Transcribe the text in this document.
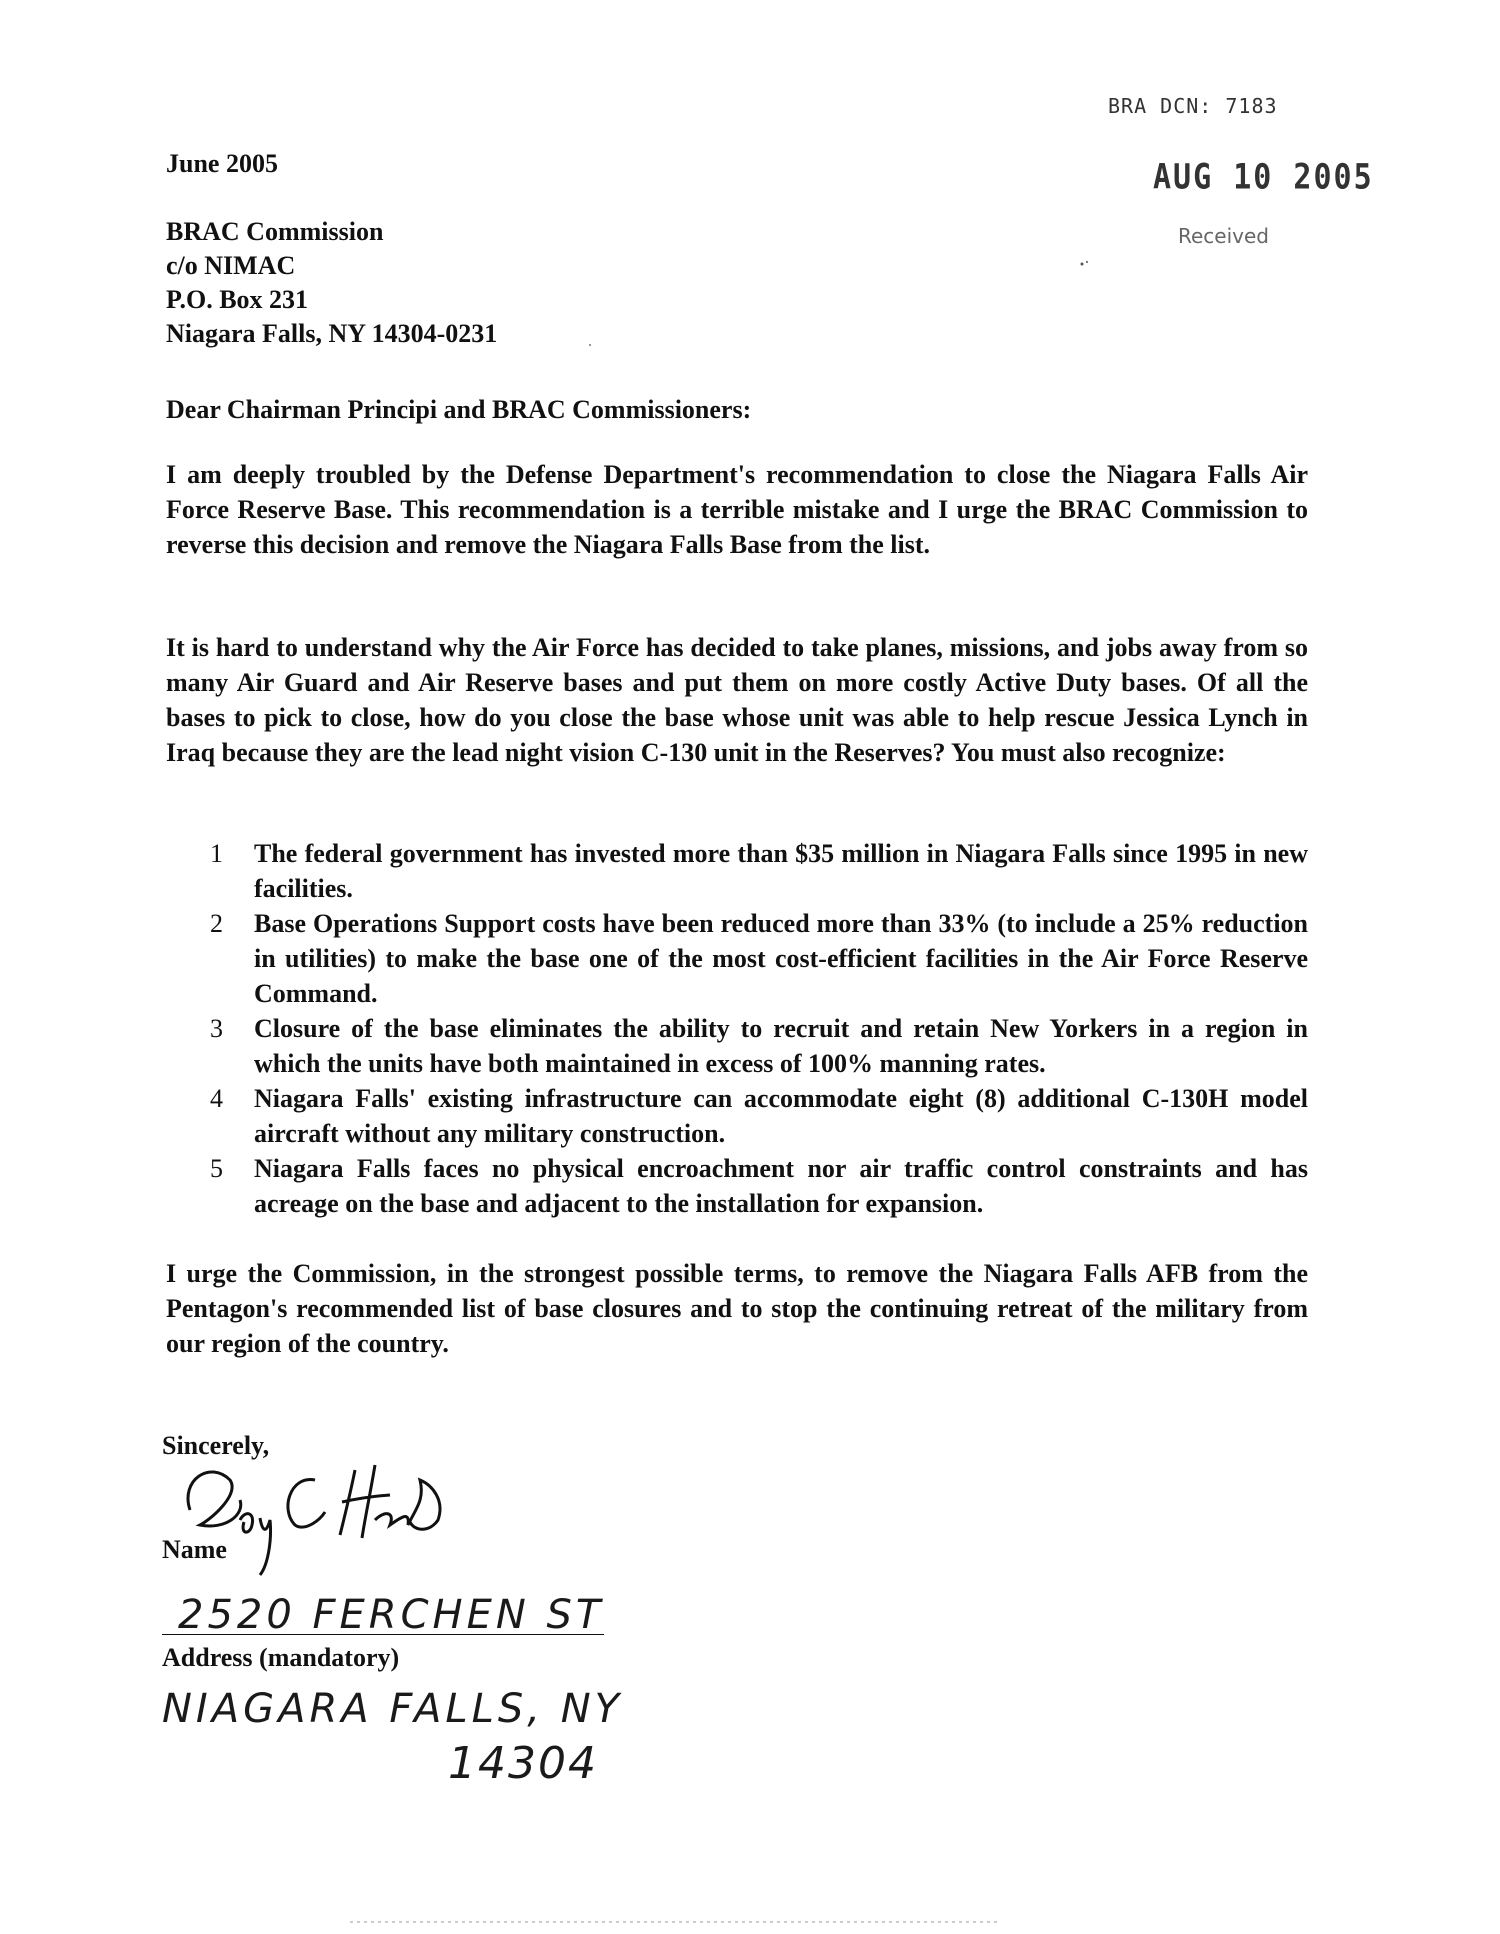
BRA DCN: 7183
AUG 10 2005
Received
June 2005
BRAC Commission
c/o NIMAC
P.O. Box 231
Niagara Falls, NY 14304-0231
Dear Chairman Principi and BRAC Commissioners:
I am deeply troubled by the Defense Department's recommendation to close the Niagara Falls Air Force Reserve Base. This recommendation is a terrible mistake and I urge the BRAC Commission to reverse this decision and remove the Niagara Falls Base from the list.
It is hard to understand why the Air Force has decided to take planes, missions, and jobs away from so many Air Guard and Air Reserve bases and put them on more costly Active Duty bases. Of all the bases to pick to close, how do you close the base whose unit was able to help rescue Jessica Lynch in Iraq because they are the lead night vision C-130 unit in the Reserves? You must also recognize:
1 The federal government has invested more than $35 million in Niagara Falls since 1995 in new facilities.
2 Base Operations Support costs have been reduced more than 33% (to include a 25% reduction in utilities) to make the base one of the most cost-efficient facilities in the Air Force Reserve Command.
3 Closure of the base eliminates the ability to recruit and retain New Yorkers in a region in which the units have both maintained in excess of 100% manning rates.
4 Niagara Falls' existing infrastructure can accommodate eight (8) additional C-130H model aircraft without any military construction.
5 Niagara Falls faces no physical encroachment nor air traffic control constraints and has acreage on the base and adjacent to the installation for expansion.
I urge the Commission, in the strongest possible terms, to remove the Niagara Falls AFB from the Pentagon's recommended list of base closures and to stop the continuing retreat of the military from our region of the country.
Sincerely,
Name
2520 FERCHEN ST
Address (mandatory)
NIAGARA FALLS, NY
14304
